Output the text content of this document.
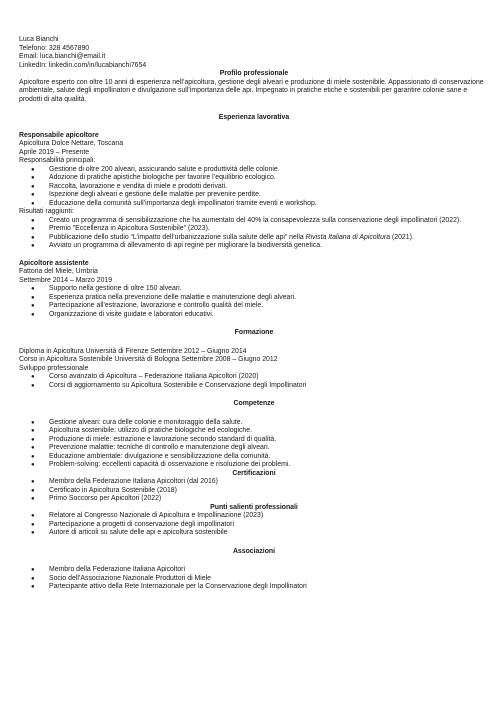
Luca Bianchi
Telefono: 328 4567890
Email: luca.bianchi@email.it
LinkedIn: linkedin.com/in/lucabianchi7654
Profilo professionale
Apicoltore esperto con oltre 10 anni di esperienza nell’apicoltura, gestione degli alveari e produzione di miele sostenibile. Appassionato di conservazione ambientale, salute degli impollinatori e divulgazione sull’importanza delle api. Impegnato in pratiche etiche e sostenibili per garantire colonie sane e prodotti di alta qualità.
Esperienza lavorativa
Responsabile apicoltore
Apicoltura Dolce Nettare, Toscana
Aprile 2019 – Presente
Responsabilità principali:
● Gestione di oltre 200 alveari, assicurando salute e produttività delle colonie.
● Adozione di pratiche apistiche biologiche per favorire l’equilibrio ecologico.
● Raccolta, lavorazione e vendita di miele e prodotti derivati.
● Ispezione degli alveari e gestione delle malattie per prevenire perdite.
● Educazione della comunità sull’importanza degli impollinatori tramite eventi e workshop.
Risultati raggiunti:
● Creato un programma di sensibilizzazione che ha aumentato del 40% la consapevolezza sulla conservazione degli impollinatori (2022).
● Premio "Eccellenza in Apicoltura Sostenibile" (2023).
● Pubblicazione dello studio “L’impatto dell’urbanizzazione sulla salute delle api” nella Rivista Italiana di Apicoltura (2021).
● Avviato un programma di allevamento di api regine per migliorare la biodiversità genetica.
Apicoltore assistente
Fattoria del Miele, Umbria
Settembre 2014 – Marzo 2019
● Supporto nella gestione di oltre 150 alveari.
● Esperienza pratica nella prevenzione delle malattie e manutenzione degli alveari.
● Partecipazione all’estrazione, lavorazione e controllo qualità del miele.
● Organizzazione di visite guidate e laboratori educativi.
Formazione
Diploma in Apicoltura Università di Firenze Settembre 2012 – Giugno 2014
Corso in Apicoltura Sostenibile Università di Bologna Settembre 2008 – Giugno 2012
Sviluppo professionale
● Corso avanzato di Apicoltura – Federazione Italiana Apicoltori (2020)
● Corsi di aggiornamento su Apicoltura Sostenibile e Conservazione degli Impollinatori
Competenze
● Gestione alveari: cura delle colonie e monitoraggio della salute.
● Apicoltura sostenibile: utilizzo di pratiche biologiche ed ecologiche.
● Produzione di miele: estrazione e lavorazione secondo standard di qualità.
● Prevenzione malattie: tecniche di controllo e manutenzione degli alveari.
● Educazione ambientale: divulgazione e sensibilizzazione della comunità.
● Problem-solving: eccellenti capacità di osservazione e risoluzione dei problemi.
Certificazioni
● Membro della Federazione Italiana Apicoltori (dal 2016)
● Certificato in Apicoltura Sostenibile (2018)
● Primo Soccorso per Apicoltori (2022)
Punti salienti professionali
● Relatore al Congresso Nazionale di Apicoltura e Impollinazione (2023)
● Partecipazione a progetti di conservazione degli impollinatori
● Autore di articoli su salute delle api e apicoltura sostenibile
Associazioni
● Membro della Federazione Italiana Apicoltori
● Socio dell’Associazione Nazionale Produttori di Miele
● Partecipante attivo della Rete Internazionale per la Conservazione degli Impollinatori
